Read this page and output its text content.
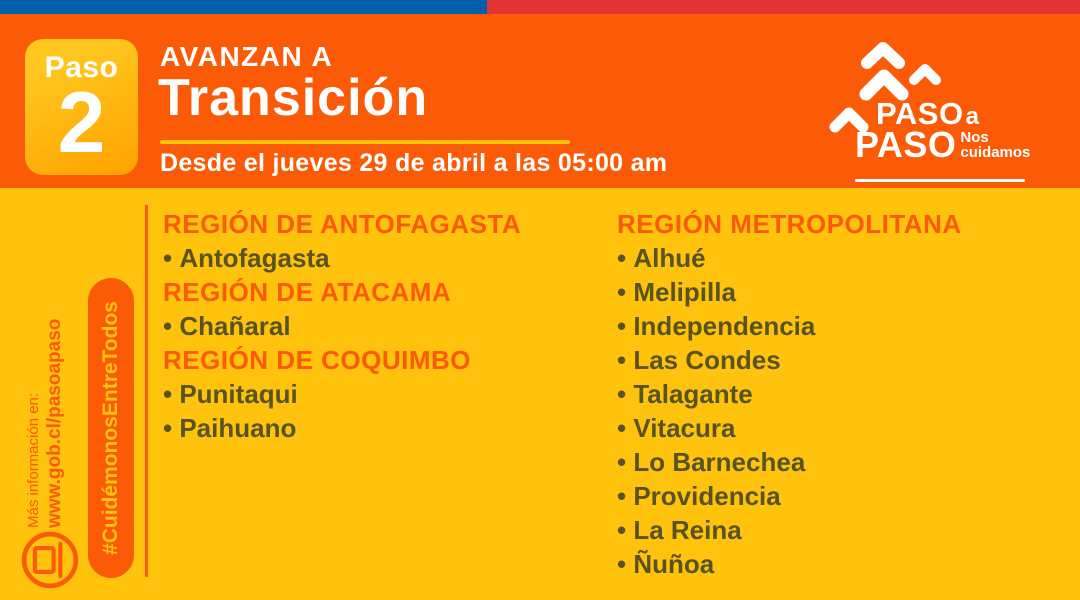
Paso
2
AVANZAN A
Transición
Desde el jueves 29 de abril a las 05:00 am
PASO a
PASO Nos
cuidamos
Más información en: www.gob.cl/pasoapaso #CuidémonosEntreTodos
REGIÓN DE ANTOFAGASTA
• Antofagasta
REGIÓN DE ATACAMA
• Chañaral
REGIÓN DE COQUIMBO
• Punitaqui
• Paihuano
REGIÓN METROPOLITANA
• Alhué
• Melipilla
• Independencia
• Las Condes
• Talagante
• Vitacura
• Lo Barnechea
• Providencia
• La Reina
• Ñuñoa
